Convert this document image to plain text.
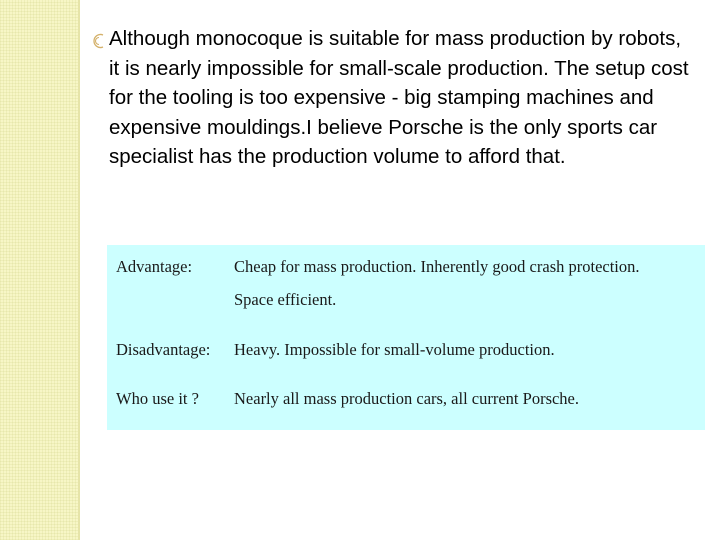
Although monocoque is suitable for mass production by robots, it is nearly impossible for small-scale production. The setup cost for the tooling is too expensive - big stamping machines and expensive mouldings.I believe Porsche is the only sports car specialist has the production volume to afford that.
Advantage:	Cheap for mass production. Inherently good crash protection.
Space efficient.
Disadvantage: Heavy. Impossible for small-volume production.
Who use it ? Nearly all mass production cars, all current Porsche.
